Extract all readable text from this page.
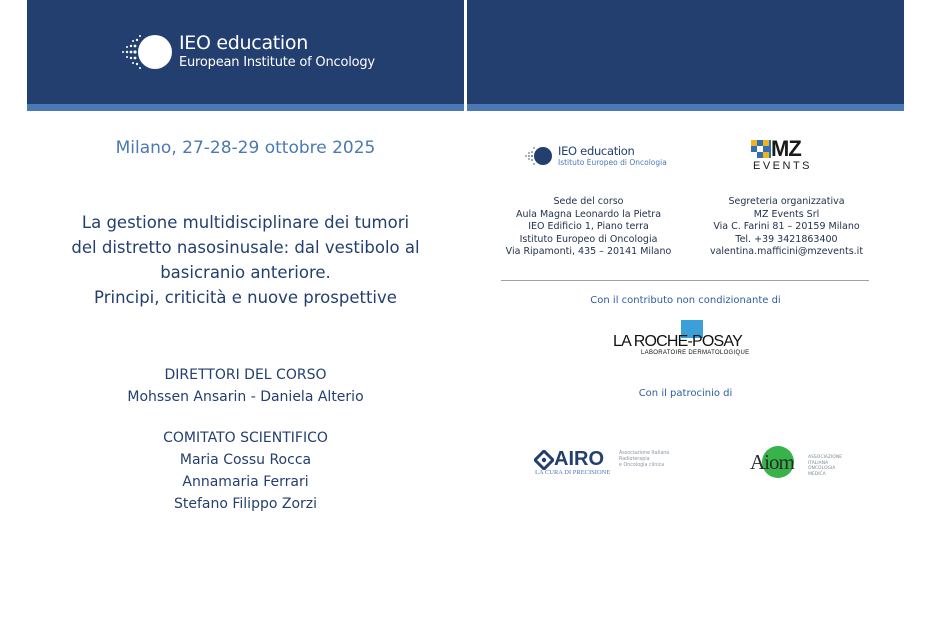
IEO education
European Institute of Oncology
Milano, 27-28-29 ottobre 2025
La gestione multidisciplinare dei tumori
del distretto nasosinusale: dal vestibolo al
basicranio anteriore.
Principi, criticità e nuove prospettive
DIRETTORI DEL CORSO
Mohssen Ansarin - Daniela Alterio
COMITATO SCIENTIFICO
Maria Cossu Rocca
Annamaria Ferrari
Stefano Filippo Zorzi
IEO education
Istituto Europeo di Oncologia
MZ
EVENTS
Sede del corso
Aula Magna Leonardo la Pietra
IEO Edificio 1, Piano terra
Istituto Europeo di Oncologia
Via Ripamonti, 435 – 20141 Milano
Segreteria organizzativa
MZ Events Srl
Via C. Farini 81 – 20159 Milano
Tel. +39 3421863400
valentina.mafficini@mzevents.it
Con il contributo non condizionante di
LA ROCHE-POSAY
LABORATOIRE DERMATOLOGIQUE
Con il patrocinio di
AIRO
LA CURA DI PRECISIONE
Associazione Italiana
Radioterapia
e Oncologia clinica	Aiom	ASSOCIAZIONE
ITALIANA
ONCOLOGIA
MEDICA
